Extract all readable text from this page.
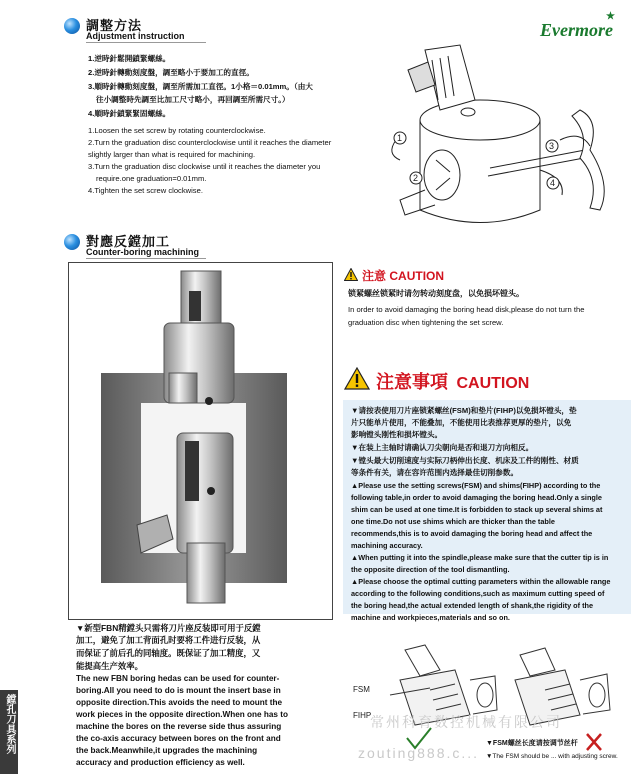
調整方法
Adjustment instruction	Evermore
★
1.逆時針鬆開鎖緊螺絲。
2.逆時針轉動刻度盤，調至略小于要加工的直徑。
3.順時針轉動刻度盤，調至所需加工直徑。1小格＝0.01mm。（由大
往小調整時先調至比加工尺寸略小，再回調至所需尺寸。）
4.順時針鎖緊緊固螺絲。
1.Loosen the set screw by rotating counterclockwise.
2.Turn the graduation disc counterclockwise until it reaches the diameter
slightly larger than what is required for machining.
3.Turn the graduation disc clockwise until it reaches the diameter you
require.one graduation=0.01mm.
4.Tighten the set screw clockwise.
1
2
3
4
對應反鏜加工
Counter-boring machining
▼新型FBN精鏜头只需将刀片座反装即可用于反鏜
加工，避免了加工背面孔时要将工件进行反装，从
而保证了前后孔的同轴度。既保证了加工精度，又
能提高生产效率。
The new FBN boring hedas can be used for counter-
boring.All you need to do is mount the insert base in
opposite direction.This avoids the need to mount the
work pieces in the opposite direction.When one has to
machine the bores on the reverse side thus assuring
the co-axis accuracy between bores on the front and
the back.Meanwhile,it upgrades the machining
accuracy and production efficiency as well.
注意 CAUTION
锁紧螺丝锁紧时请勿转动刻度盘，以免损坏镗头。
In order to avoid damaging the boring head disk,please do not turn the
graduation disc when tightening the set screw.
注意事項 CAUTION
▼请按表使用刀片座锁紧螺丝(FSM)和垫片(FIHP)以免损坏镗头，垫
片只能单片使用，不能叠加，不能使用比表推荐更厚的垫片，以免
影响镗头刚性和损坏镗头。
▼在装上主轴时请确认刀尖朝向是否和退刀方向相反。
▼镗头最大切削速度与实际刀柄伸出长度、机床及工件的刚性、材质
等条件有关，请在容许范围内选择最佳切削参数。
▲Please use the setting screws(FSM) and shims(FIHP) according to the
following table,in order to avoid damaging the boring head.Only a single
shim can be used at one time.It is forbidden to stack up several shims at
one time.Do not use shims which are thicker than the table
recommends,this is to avoid damaging the boring head and affect the
machining accuracy.
▲When putting it into the spindle,please make sure that the cutter tip is in
the opposite direction of the tool dismantling.
▲Please choose the optimal cutting parameters within the allowable range
according to the following conditions,such as maximum cutting speed of
the boring head,the actual extended length of shank,the rigidity of the
machine and workpieces,materials and so on.
FSM
FIHP
▼FSM螺丝长度请按调节丝杆
▼The FSM should be ... with adjusting screw.
鏜孔刀具系列	常州科育数控机械有限公司
zouting888.c...
